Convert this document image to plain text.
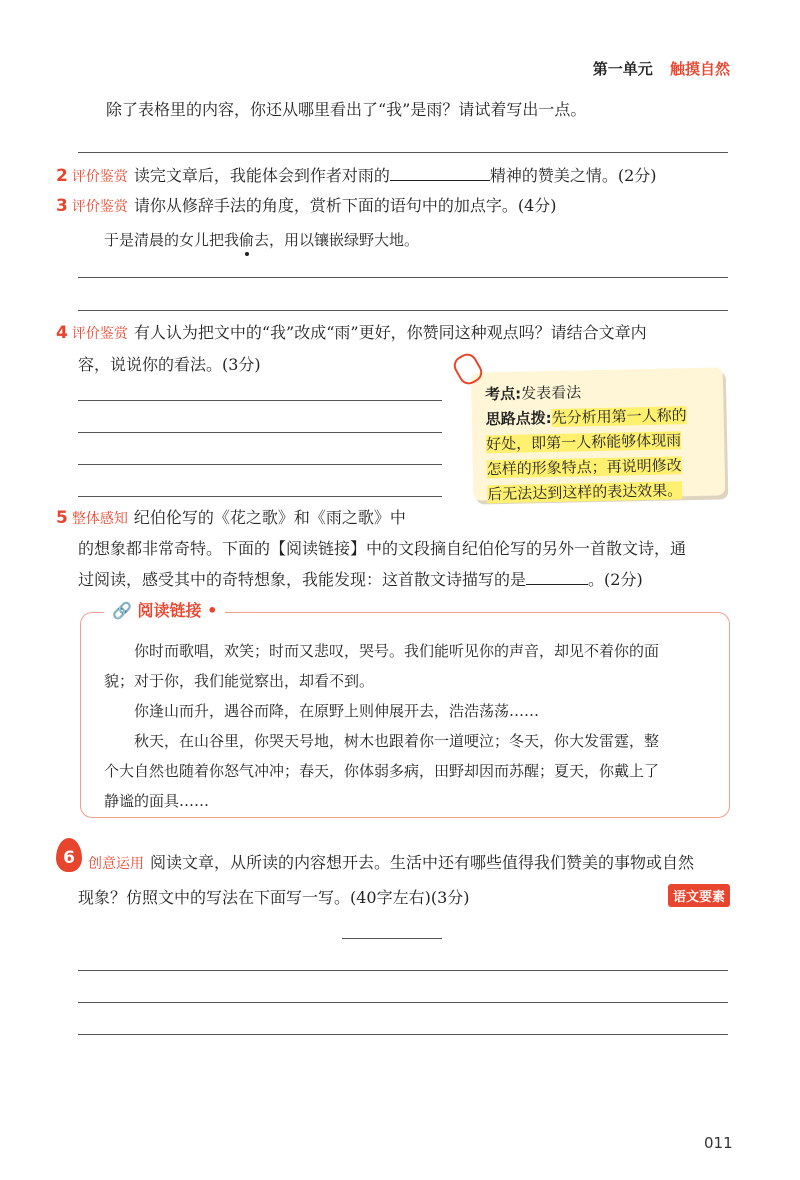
第一单元 触摸自然
除了表格里的内容，你还从哪里看出了“我”是雨？请试着写出一点。
2 评价鉴赏 读完文章后，我能体会到作者对雨的	精神的赞美之情。(2分)
3 评价鉴赏 请你从修辞手法的角度，赏析下面的语句中的加点字。(4分)
于是清晨的女儿把我偷去，用以镶嵌绿野大地。
4 评价鉴赏 有人认为把文中的“我”改成“雨”更好，你赞同这种观点吗？请结合文章内
容，说说你的看法。(3分)
考点:发表看法
思路点拨:先分析用第一人称的
好处，即第一人称能够体现雨
怎样的形象特点；再说明修改
后无法达到这样的表达效果。
5 整体感知 纪伯伦写的《花之歌》和《雨之歌》中
的想象都非常奇特。下面的【阅读链接】中的文段摘自纪伯伦写的另外一首散文诗，通
过阅读，感受其中的奇特想象，我能发现：这首散文诗描写的是	。(2分)
🔗 阅读链接 •
你时而歌唱，欢笑；时而又悲叹，哭号。我们能听见你的声音，却见不着你的面
貌；对于你，我们能觉察出，却看不到。
你逢山而升，遇谷而降，在原野上则伸展开去，浩浩荡荡……
秋天，在山谷里，你哭天号地，树木也跟着你一道哽泣；冬天，你大发雷霆，整
个大自然也随着你怒气冲冲；春天，你体弱多病，田野却因而苏醒；夏天，你戴上了
静谧的面具……
6 创意运用 阅读文章，从所读的内容想开去。生活中还有哪些值得我们赞美的事物或自然
现象？仿照文中的写法在下面写一写。(40字左右)(3分)	语文要素
011
